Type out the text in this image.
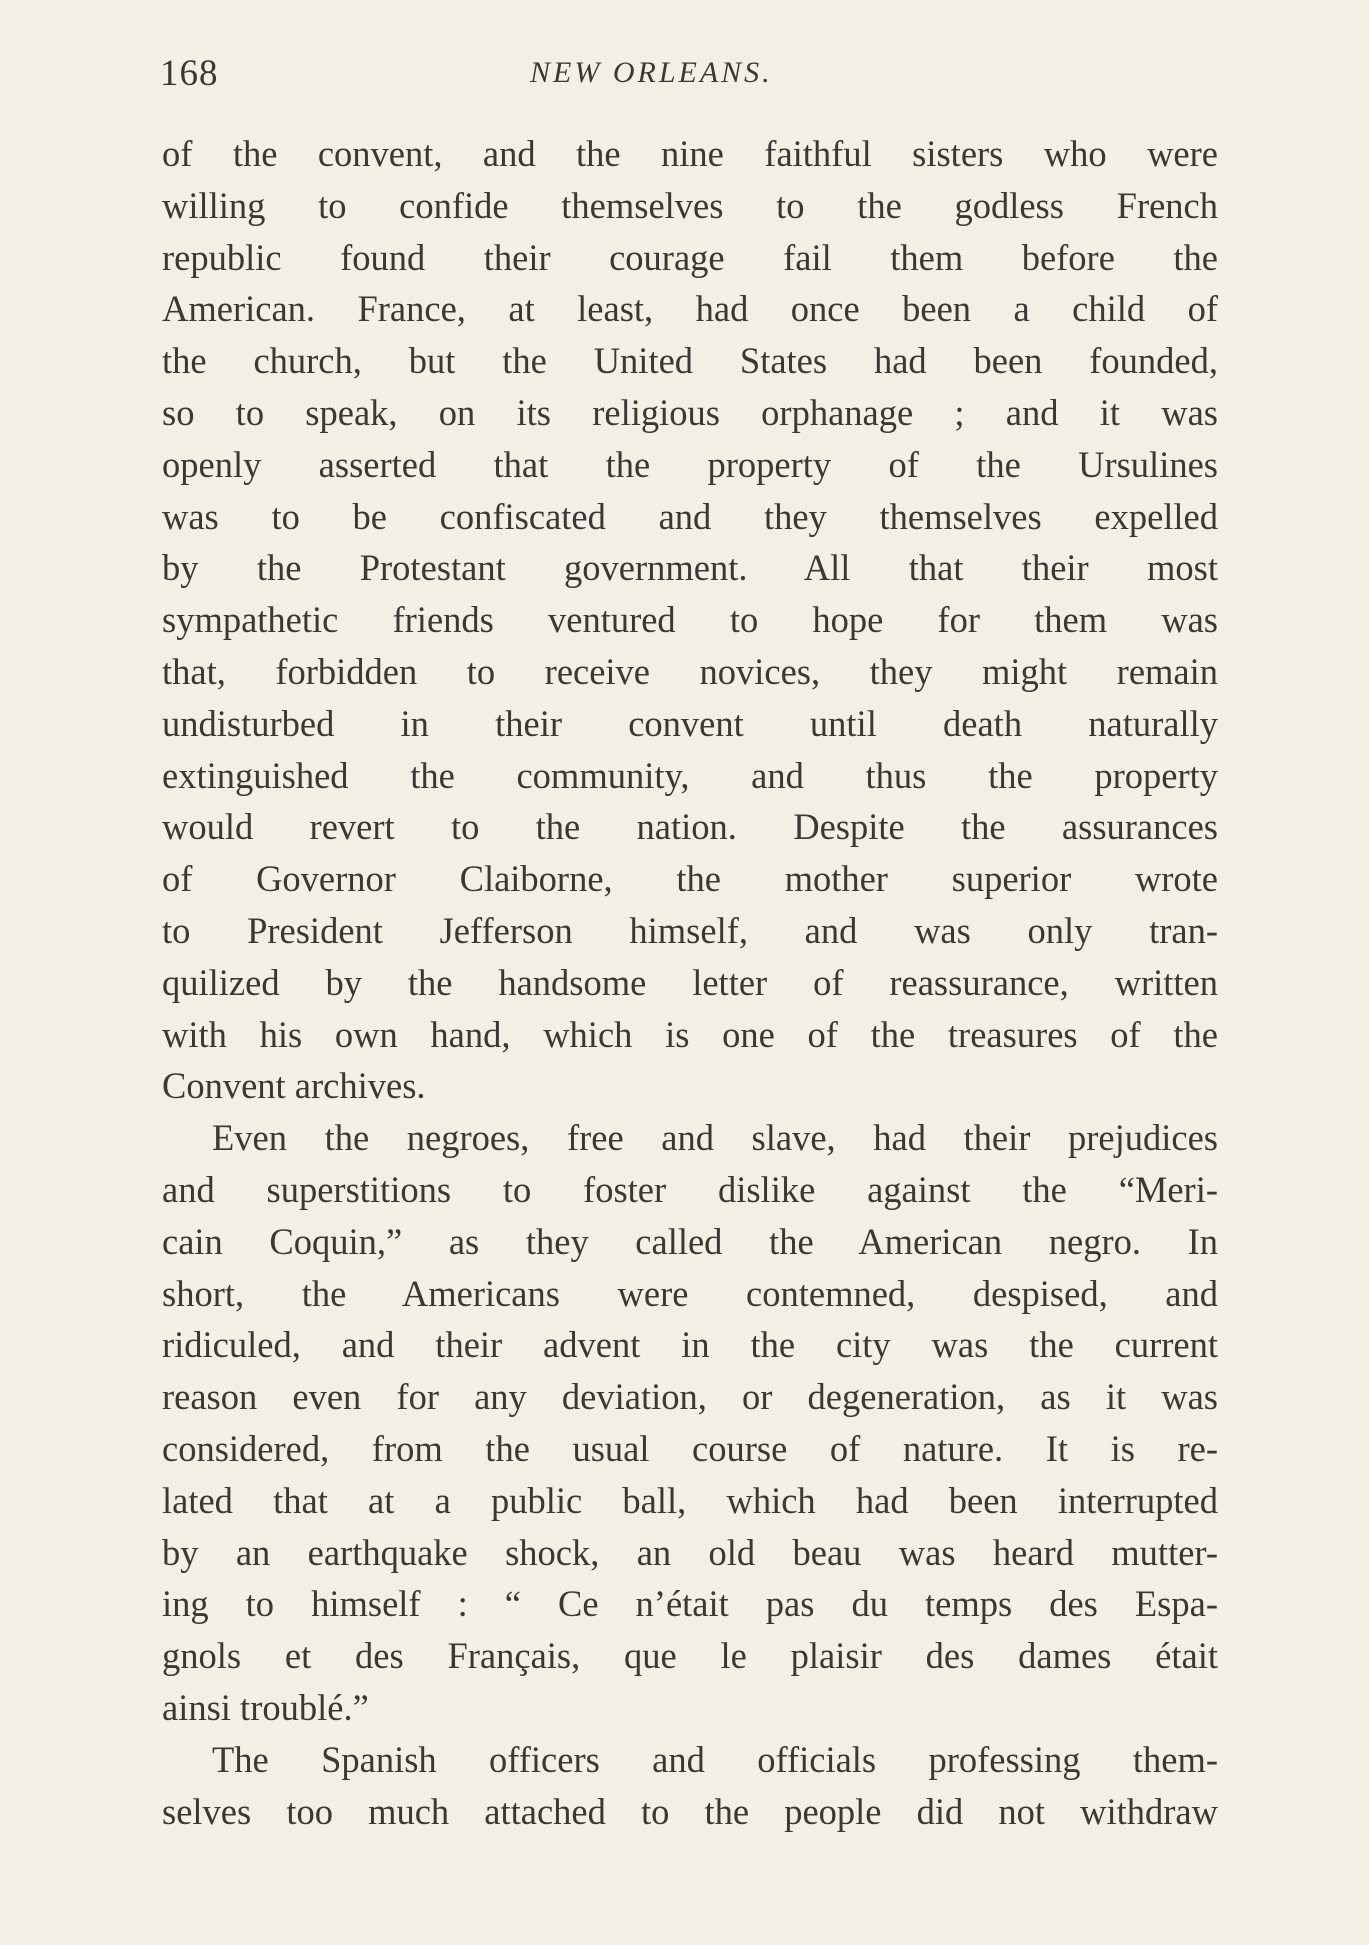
168	NEW ORLEANS.
of the convent, and the nine faithful sisters who were
willing to confide themselves to the godless French
republic found their courage fail them before the
American. France, at least, had once been a child of
the church, but the United States had been founded,
so to speak, on its religious orphanage ; and it was
openly asserted that the property of the Ursulines
was to be confiscated and they themselves expelled
by the Protestant government. All that their most
sympathetic friends ventured to hope for them was
that, forbidden to receive novices, they might remain
undisturbed in their convent until death naturally
extinguished the community, and thus the property
would revert to the nation. Despite the assurances
of Governor Claiborne, the mother superior wrote
to President Jefferson himself, and was only tran-
quilized by the handsome letter of reassurance, written
with his own hand, which is one of the treasures of the
Convent archives.
Even the negroes, free and slave, had their prejudices
and superstitions to foster dislike against the “Meri-
cain Coquin,” as they called the American negro. In
short, the Americans were contemned, despised, and
ridiculed, and their advent in the city was the current
reason even for any deviation, or degeneration, as it was
considered, from the usual course of nature. It is re-
lated that at a public ball, which had been interrupted
by an earthquake shock, an old beau was heard mutter-
ing to himself : “ Ce n’était pas du temps des Espa-
gnols et des Français, que le plaisir des dames était
ainsi troublé.”
The Spanish officers and officials professing them-
selves too much attached to the people did not withdraw
